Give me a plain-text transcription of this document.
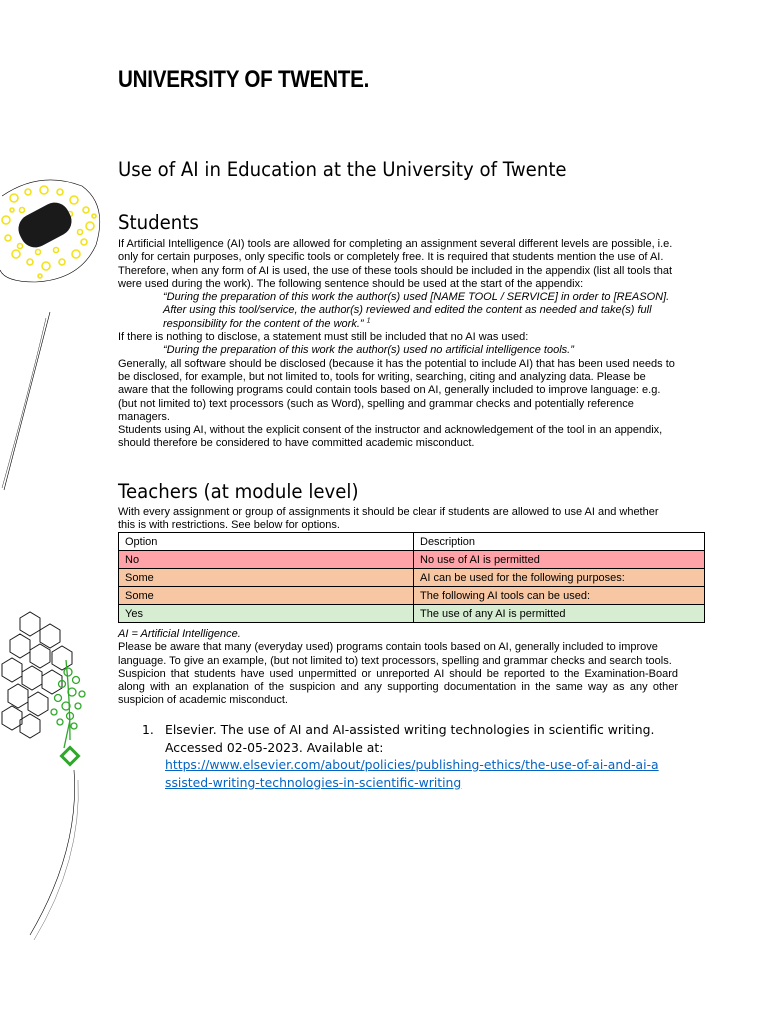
UNIVERSITY OF TWENTE.
Use of AI in Education at the University of Twente
Students

If Artificial Intelligence (AI) tools are allowed for completing an assignment several different levels are possible, i.e. only for certain purposes, only specific tools or completely free. It is required that students mention the use of AI. Therefore, when any form of AI is used, the use of these tools should be included in the appendix (list all tools that were used during the work). The following sentence should be used at the start of the appendix:

“During the preparation of this work the author(s) used [NAME TOOL / SERVICE] in order to [REASON]. After using this tool/service, the author(s) reviewed and edited the content as needed and take(s) full responsibility for the content of the work.” $^1$

If there is nothing to disclose, a statement must still be included that no AI was used:

“During the preparation of this work the author(s) used no artificial intelligence tools.”

Generally, all software should be disclosed (because it has the potential to include AI) that has been used needs to be disclosed, for example, but not limited to, tools for writing, searching, citing and analyzing data. Please be aware that the following programs could contain tools based on AI, generally included to improve language: e.g. (but not limited to) text processors (such as Word), spelling and grammar checks and potentially reference managers.

Students using AI, without the explicit consent of the instructor and acknowledgement of the tool in an appendix, should therefore be considered to have committed academic misconduct.

Teachers (at module level)
With every assignment or group of assignments it should be clear if students are allowed to use AI and whether this is with restrictions. See below for options.
Option	Description
No	No use of AI is permitted
Some	AI can be used for the following purposes:
Some	The following AI tools can be used:
Yes	The use of any AI is permitted

AI = Artificial Intelligence.

Please be aware that many (everyday used) programs contain tools based on AI, generally included to improve language. To give an example, (but not limited to) text processors, spelling and grammar checks and search tools.

Suspicion that students have used unpermitted or unreported AI should be reported to the Examination-Board along with an explanation of the suspicion and any supporting documentation in the same way as any other suspicion of academic misconduct.

1. Elsevier. The use of AI and AI-assisted writing technologies in scientific writing. Accessed 02-05-2023. Available at:
https://www.elsevier.com/about/policies/publishing-ethics/the-use-of-ai-and-ai-assisted-writing-technologies-in-scientific-writing
